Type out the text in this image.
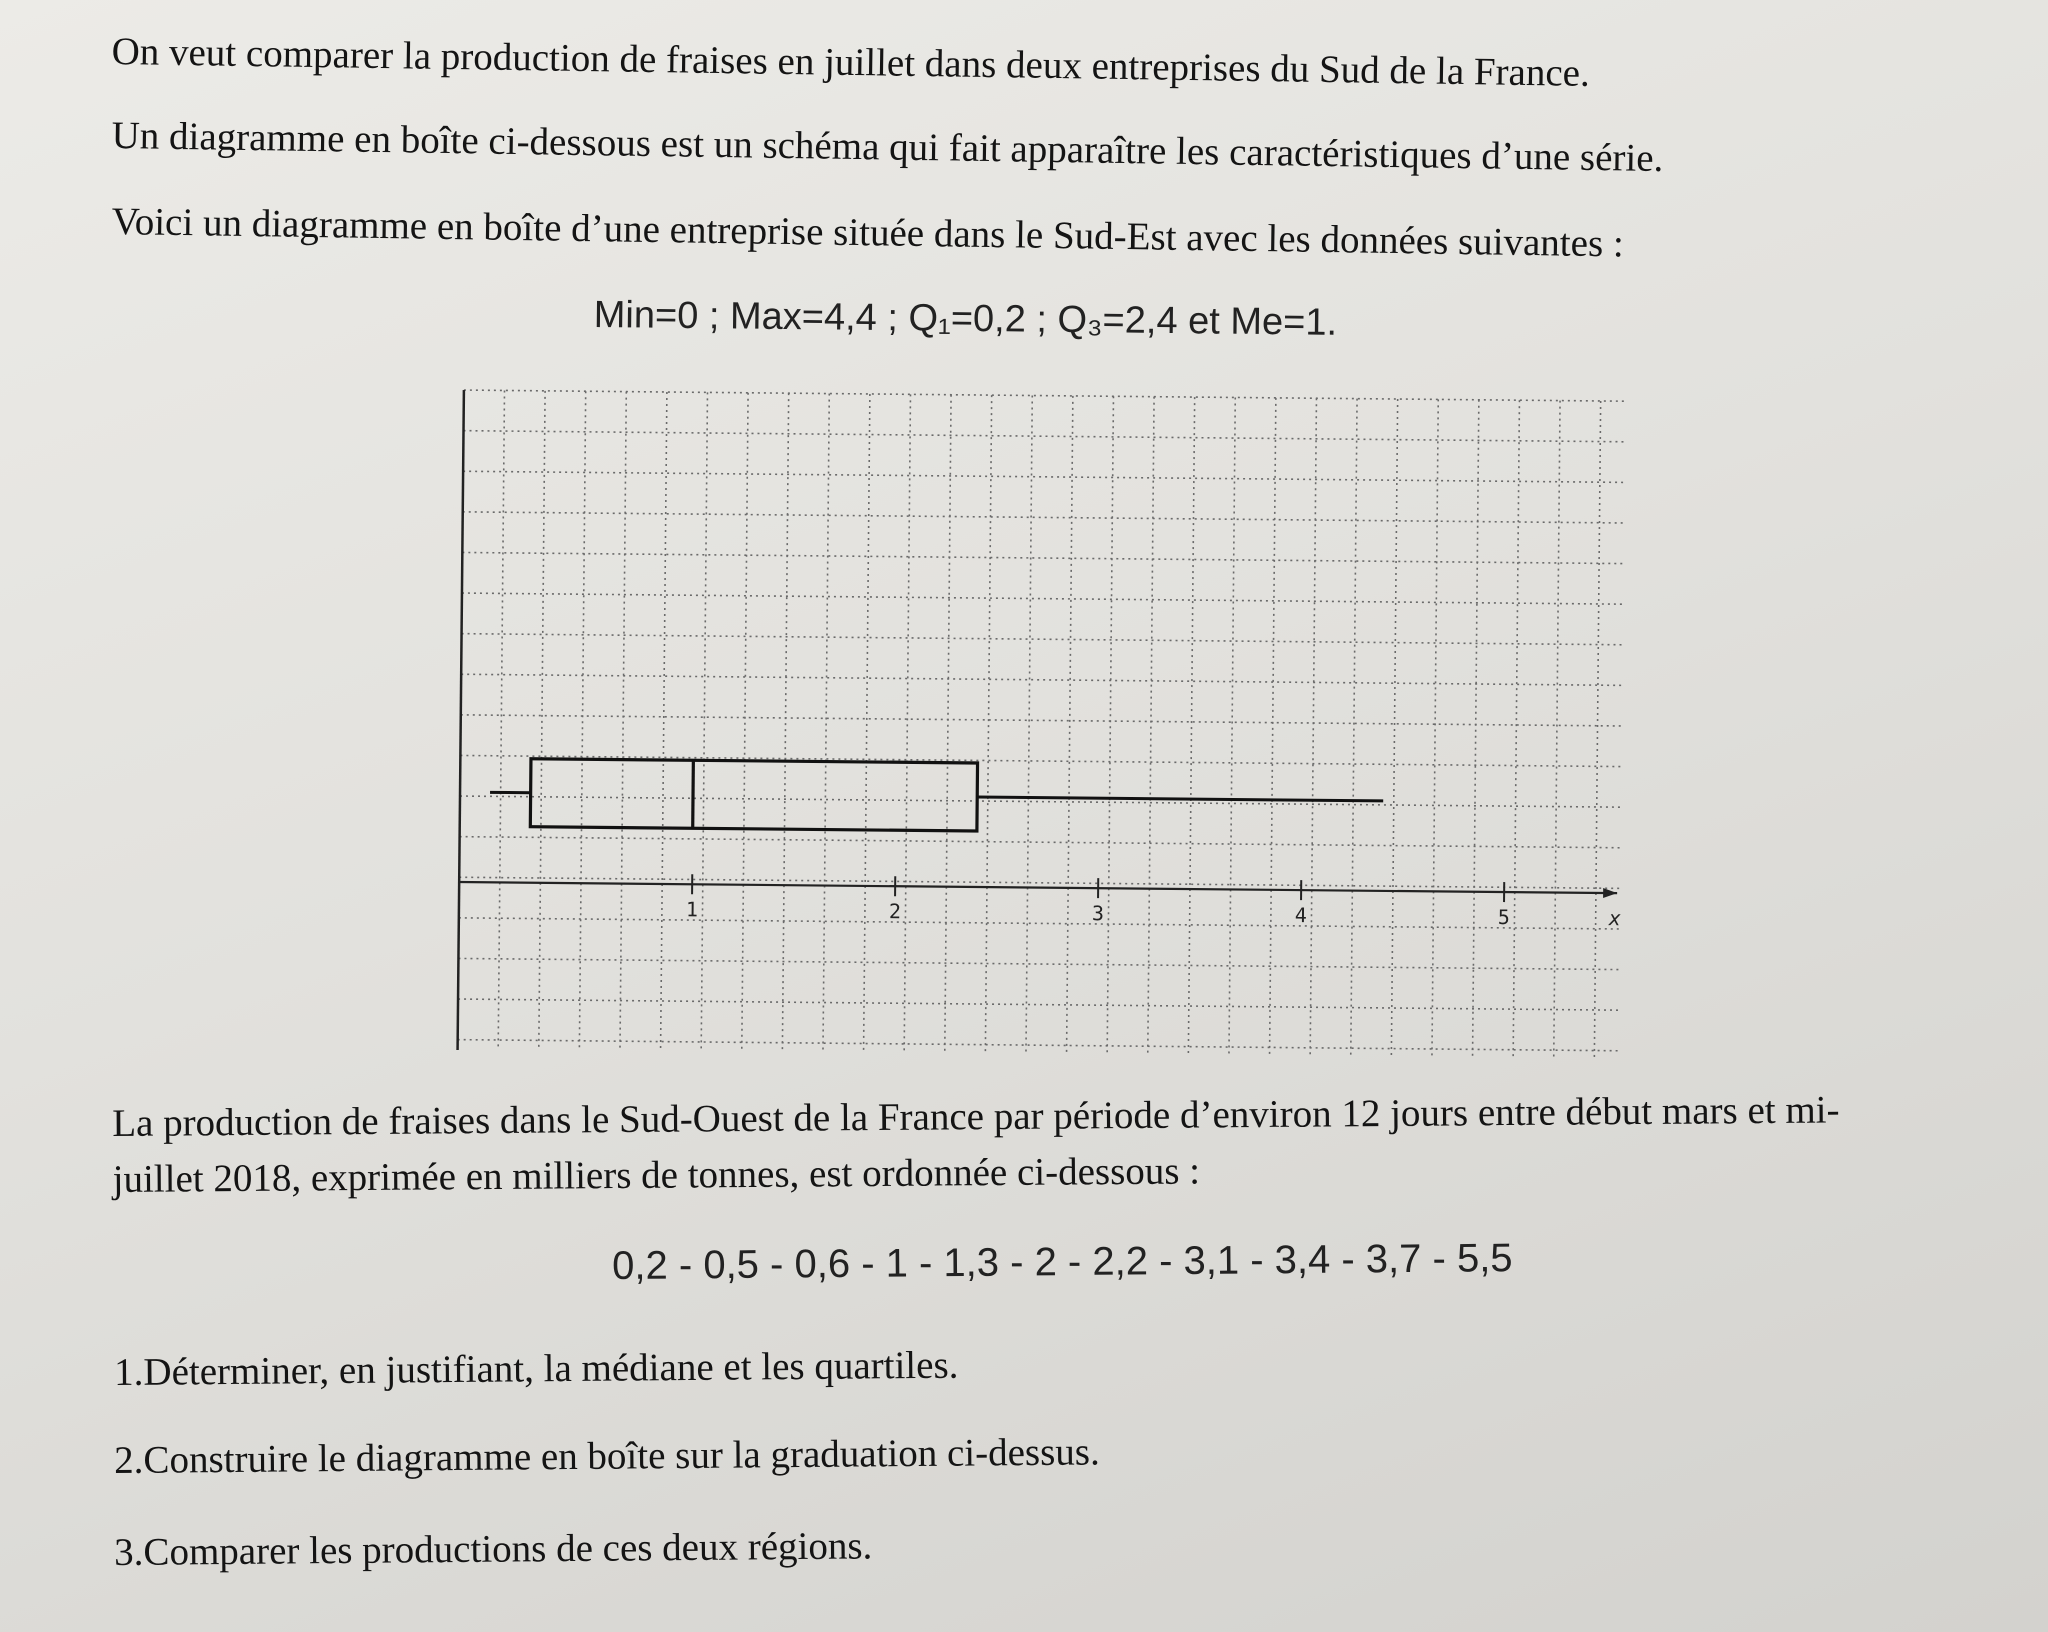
On veut comparer la production de fraises en juillet dans deux entreprises du Sud de la France.

Un diagramme en boîte ci-dessous est un schéma qui fait apparaître les caractéristiques d’une série.

Voici un diagramme en boîte d’une entreprise située dans le Sud-Est avec les données suivantes :

Min=0 ; Max=4,4 ; Q₁=0,2 ; Q₃=2,4 et Me=1.
1	2	3	4	5	x

La production de fraises dans le Sud-Ouest de la France par période d’environ 12 jours entre début mars et mi-juillet 2018, exprimée en milliers de tonnes, est ordonnée ci-dessous :

0,2 - 0,5 - 0,6 - 1 - 1,3 - 2 - 2,2 - 3,1 - 3,4 - 3,7 - 5,5
1.Déterminer, en justifiant, la médiane et les quartiles.
2.Construire le diagramme en boîte sur la graduation ci-dessus.
3.Comparer les productions de ces deux régions.
